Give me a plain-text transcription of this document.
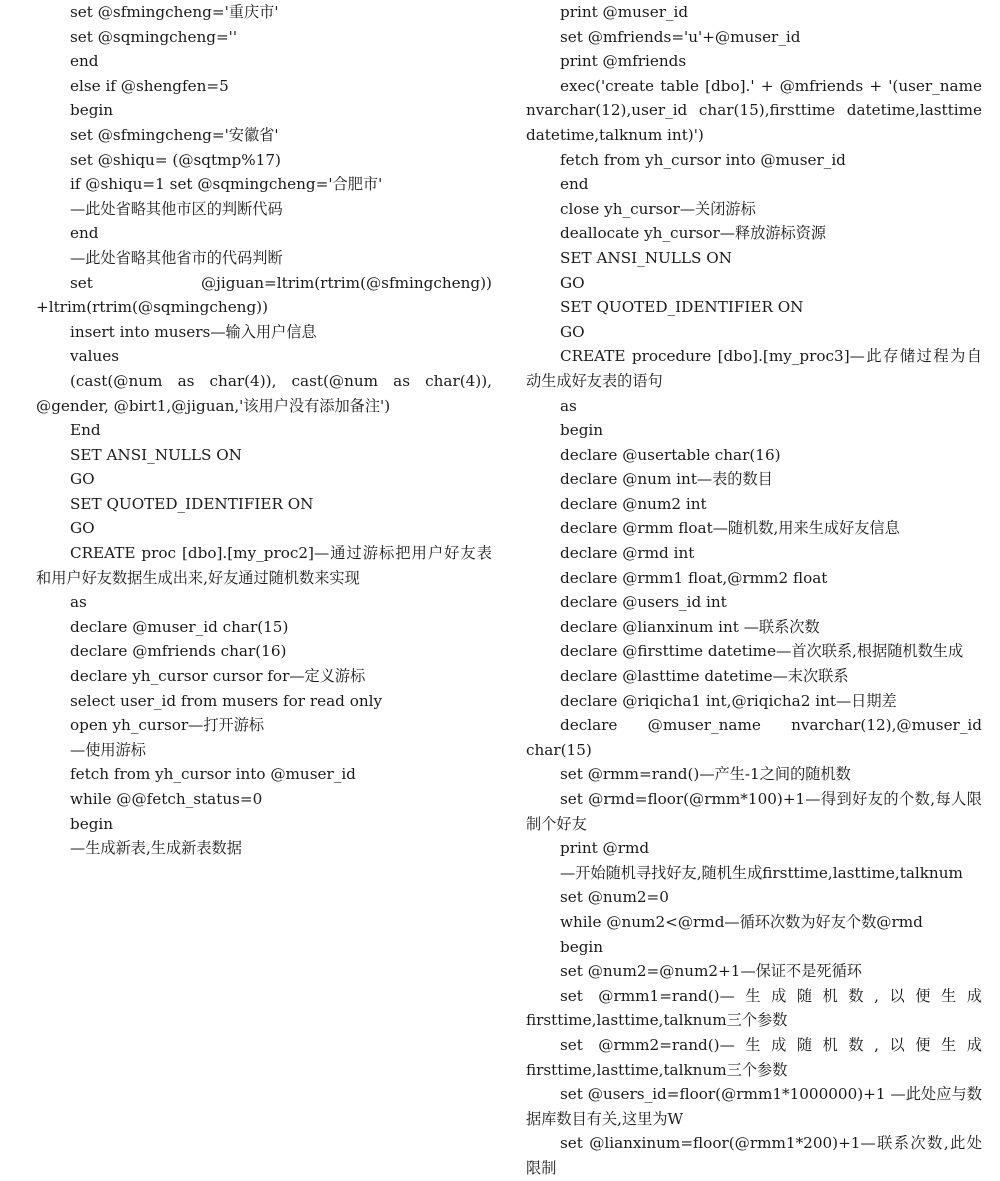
set @sfmingcheng='重庆市'

set @sqmingcheng=''

end

else if @shengfen=5

begin

set @sfmingcheng='安徽省'

set @shiqu= (@sqtmp%17)

if @shiqu=1 set @sqmingcheng='合肥市'

—此处省略其他市区的判断代码

end

—此处省略其他省市的代码判断

set @jiguan=ltrim(rtrim(@sfmingcheng)) +ltrim(rtrim(@sqmingcheng))

insert into musers—输入用户信息

values

(cast(@num as char(4)), cast(@num as char(4)), @gender, @birt1,@jiguan,'该用户没有添加备注')

End

SET ANSI_NULLS ON

GO

SET QUOTED_IDENTIFIER ON

GO

CREATE proc [dbo].[my_proc2]—通过游标把用户好友表和用户好友数据生成出来,好友通过随机数来实现

as

declare @muser_id char(15)

declare @mfriends char(16)

declare yh_cursor cursor for—定义游标

select user_id from musers for read only

open yh_cursor—打开游标

—使用游标

fetch from yh_cursor into @muser_id

while @@fetch_status=0

begin

—生成新表,生成新表数据

print @muser_id

set @mfriends='u'+@muser_id

print @mfriends

exec('create table [dbo].' + @mfriends + '(user_name nvarchar(12),user_id char(15),firsttime datetime,lasttime datetime,talknum int)')

fetch from yh_cursor into @muser_id

end

close yh_cursor—关闭游标

deallocate yh_cursor—释放游标资源

SET ANSI_NULLS ON

GO

SET QUOTED_IDENTIFIER ON

GO

CREATE procedure [dbo].[my_proc3]—此存储过程为自动生成好友表的语句

as

begin

declare @usertable char(16)

declare @num int—表的数目

declare @num2 int

declare @rmm float—随机数,用来生成好友信息

declare @rmd int

declare @rmm1 float,@rmm2 float

declare @users_id int

declare @lianxinum int —联系次数

declare @firsttime datetime—首次联系,根据随机数生成

declare @lasttime datetime—末次联系

declare @riqicha1 int,@riqicha2 int—日期差

declare @muser_name nvarchar(12),@muser_id char(15)

set @rmm=rand()—产生-1之间的随机数

set @rmd=floor(@rmm*100)+1—得到好友的个数,每人限制个好友

print @rmd

—开始随机寻找好友,随机生成firsttime,lasttime,talknum

set @num2=0

while @num2<@rmd—循环次数为好友个数@rmd

begin

set @num2=@num2+1—保证不是死循环

set @rmm1=rand()—生成随机数,以便生成 firsttime,lasttime,talknum三个参数

set @rmm2=rand()—生成随机数,以便生成 firsttime,lasttime,talknum三个参数

set @users_id=floor(@rmm1*1000000)+1 —此处应与数据库数目有关,这里为W

set @lianxinum=floor(@rmm1*200)+1—联系次数,此处限制
